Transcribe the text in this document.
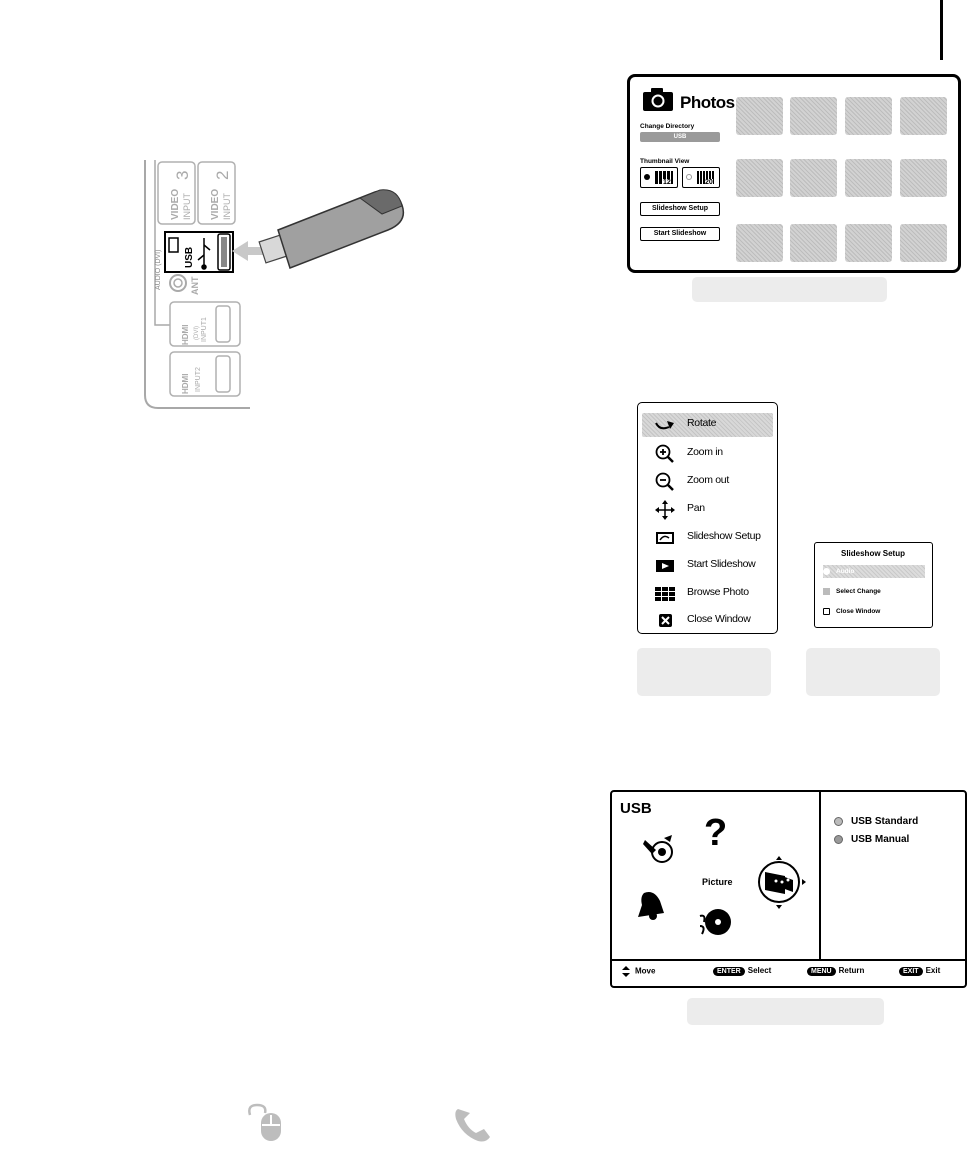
VIDEO INPUT
3
VIDEO INPUT
2
AUDIO (DVI) USB
ANT
HDMI (DVI) INPUT1
HDMI INPUT2
Photos
Change Directory
USB
Thumbnail View
12	20
Slideshow Setup
Start Slideshow
Rotate
Zoom in
Zoom out
Pan
Slideshow Setup
Start Slideshow
Browse Photo
Close Window
Slideshow Setup
Audio
Select Change
Close Window
USB
?
Picture
USB Standard
USB Manual
Move	ENTER Select	MENU Return	EXIT Exit
